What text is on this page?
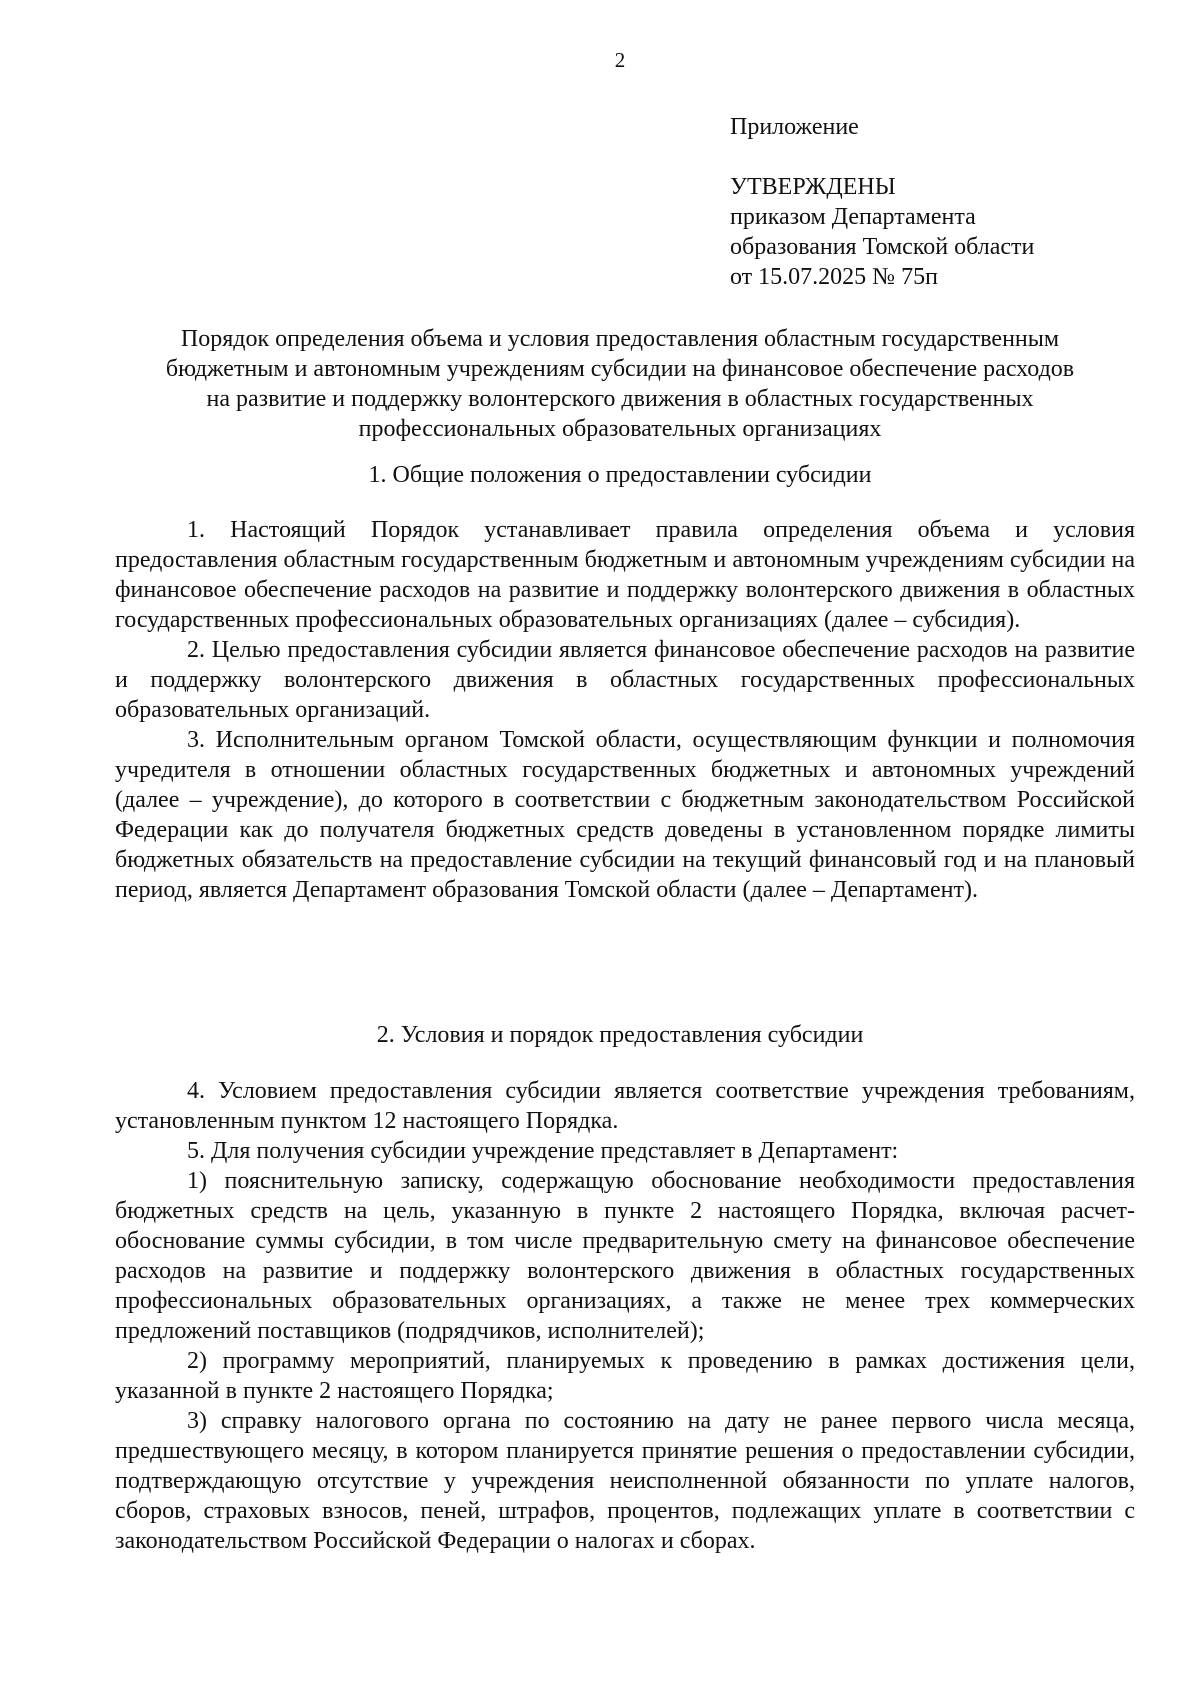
2
Приложение
УТВЕРЖДЕНЫ
приказом Департамента
образования Томской области
от 15.07.2025 № 75п
Порядок определения объема и условия предоставления областным государственным
бюджетным и автономным учреждениям субсидии на финансовое обеспечение расходов
на развитие и поддержку волонтерского движения в областных государственных
профессиональных образовательных организациях
1. Общие положения о предоставлении субсидии

1. Настоящий Порядок устанавливает правила определения объема и условия предоставления областным государственным бюджетным и автономным учреждениям субсидии на финансовое обеспечение расходов на развитие и поддержку волонтерского движения в областных государственных профессиональных образовательных организациях (далее – субсидия).

2. Целью предоставления субсидии является финансовое обеспечение расходов на развитие и поддержку волонтерского движения в областных государственных профессиональных образовательных организаций.

3. Исполнительным органом Томской области, осуществляющим функции и полномочия учредителя в отношении областных государственных бюджетных и автономных учреждений (далее – учреждение), до которого в соответствии с бюджетным законодательством Российской Федерации как до получателя бюджетных средств доведены в установленном порядке лимиты бюджетных обязательств на предоставление субсидии на текущий финансовый год и на плановый период, является Департамент образования Томской области (далее – Департамент).

2. Условия и порядок предоставления субсидии

4. Условием предоставления субсидии является соответствие учреждения требованиям, установленным пунктом 12 настоящего Порядка.

5. Для получения субсидии учреждение представляет в Департамент:

1) пояснительную записку, содержащую обоснование необходимости предоставления бюджетных средств на цель, указанную в пункте 2 настоящего Порядка, включая расчет-обоснование суммы субсидии, в том числе предварительную смету на финансовое обеспечение расходов на развитие и поддержку волонтерского движения в областных государственных профессиональных образовательных организациях, а также не менее трех коммерческих предложений поставщиков (подрядчиков, исполнителей);

2) программу мероприятий, планируемых к проведению в рамках достижения цели, указанной в пункте 2 настоящего Порядка;

3) справку налогового органа по состоянию на дату не ранее первого числа месяца, предшествующего месяцу, в котором планируется принятие решения о предоставлении субсидии, подтверждающую отсутствие у учреждения неисполненной обязанности по уплате налогов, сборов, страховых взносов, пеней, штрафов, процентов, подлежащих уплате в соответствии с законодательством Российской Федерации о налогах и сборах.
